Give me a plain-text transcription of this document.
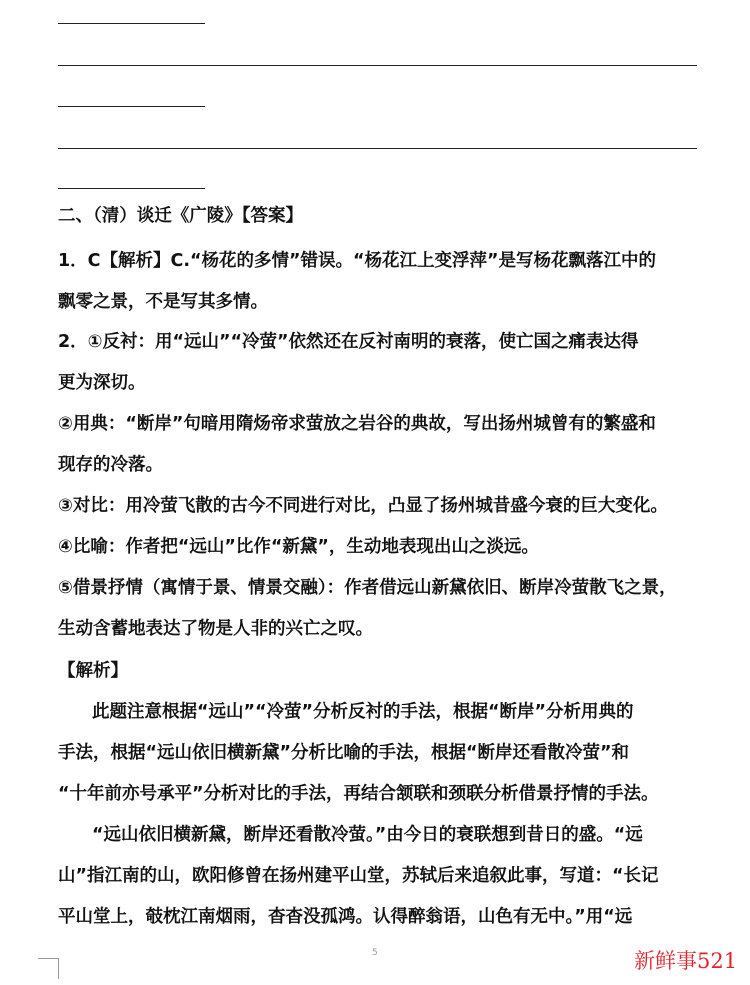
二、（清）谈迁《广陵》【答案】
1．C【解析】C.“杨花的多情”错误。“杨花江上变浮萍”是写杨花飘落江中的
飘零之景，不是写其多情。
2．①反衬：用“远山”“冷萤”依然还在反衬南明的衰落，使亡国之痛表达得
更为深切。
②用典：“断岸”句暗用隋炀帝求萤放之岩谷的典故，写出扬州城曾有的繁盛和
现存的冷落。
③对比：用冷萤飞散的古今不同进行对比，凸显了扬州城昔盛今衰的巨大变化。
④比喻：作者把“远山”比作“新黛”，生动地表现出山之淡远。
⑤借景抒情（寓情于景、情景交融）：作者借远山新黛依旧、断岸冷萤散飞之景，
生动含蓄地表达了物是人非的兴亡之叹。
【解析】
此题注意根据“远山”“冷萤”分析反衬的手法，根据“断岸”分析用典的
手法，根据“远山依旧横新黛”分析比喻的手法，根据“断岸还看散冷萤”和
“十年前亦号承平”分析对比的手法，再结合颔联和颈联分析借景抒情的手法。
“远山依旧横新黛，断岸还看散冷萤。”由今日的衰联想到昔日的盛。“远
山”指江南的山，欧阳修曾在扬州建平山堂，苏轼后来追叙此事，写道：“长记
平山堂上，攲枕江南烟雨，杳杳没孤鸿。认得醉翁语，山色有无中。”用“远
5	新鲜事521
